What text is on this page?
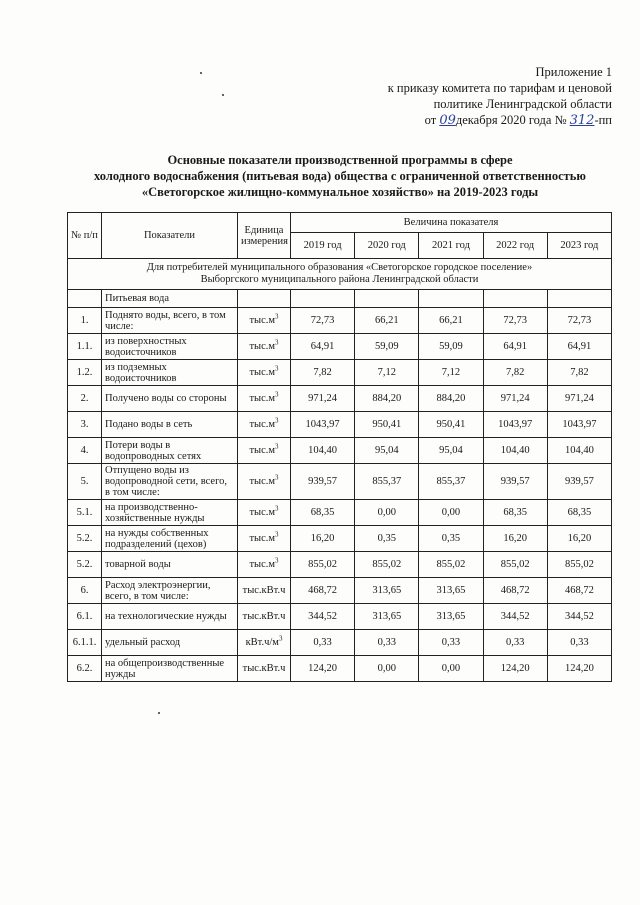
Приложение 1
к приказу комитета по тарифам и ценовой
политике Ленинградской области
от 09декабря 2020 года № 312-пп
Основные показатели производственной программы в сфере
холодного водоснабжения (питьевая вода) общества с ограниченной ответственностью
«Светогорское жилищно-коммунальное хозяйство» на 2019-2023 годы
№ п/п	Показатели	Единица измерения	Величина показателя				
			2019 год	2020 год	2021 год	2022 год	2023 год

Для потребителей муниципального образования «Светогорское городское поселение»
Выборгского муниципального района Ленинградской области							

	Питьевая вода						
1.	Поднято воды, всего, в том числе:	$тыс.м^3$	72,73	66,21	66,21	72,73	72,73
1.1.	из поверхностных водоисточников	$тыс.м^3$	64,91	59,09	59,09	64,91	64,91
1.2.	из подземных водоисточников	$тыс.м^3$	7,82	7,12	7,12	7,82	7,82
2.	Получено воды со стороны	$тыс.м^3$	971,24	884,20	884,20	971,24	971,24
3.	Подано воды в сеть	$тыс.м^3$	1043,97	950,41	950,41	1043,97	1043,97
4.	Потери воды в водопроводных сетях	$тыс.м^3$	104,40	95,04	95,04	104,40	104,40
5.	Отпущено воды из водопроводной сети, всего, в том числе:	$тыс.м^3$	939,57	855,37	855,37	939,57	939,57
5.1.	на производственно-хозяйственные нужды	$тыс.м^3$	68,35	0,00	0,00	68,35	68,35
5.2.	на нужды собственных подразделений (цехов)	$тыс.м^3$	16,20	0,35	0,35	16,20	16,20
5.2.	товарной воды	$тыс.м^3$	855,02	855,02	855,02	855,02	855,02
6.	Расход электроэнергии, всего, в том числе:	тыс.кВт.ч	468,72	313,65	313,65	468,72	468,72
6.1.	на технологические нужды	тыс.кВт.ч	344,52	313,65	313,65	344,52	344,52
6.1.1.	удельный расход	$кВт.ч/м^3$	0,33	0,33	0,33	0,33	0,33
6.2.	на общепроизводственные нужды	тыс.кВт.ч	124,20	0,00	0,00	124,20	124,20
